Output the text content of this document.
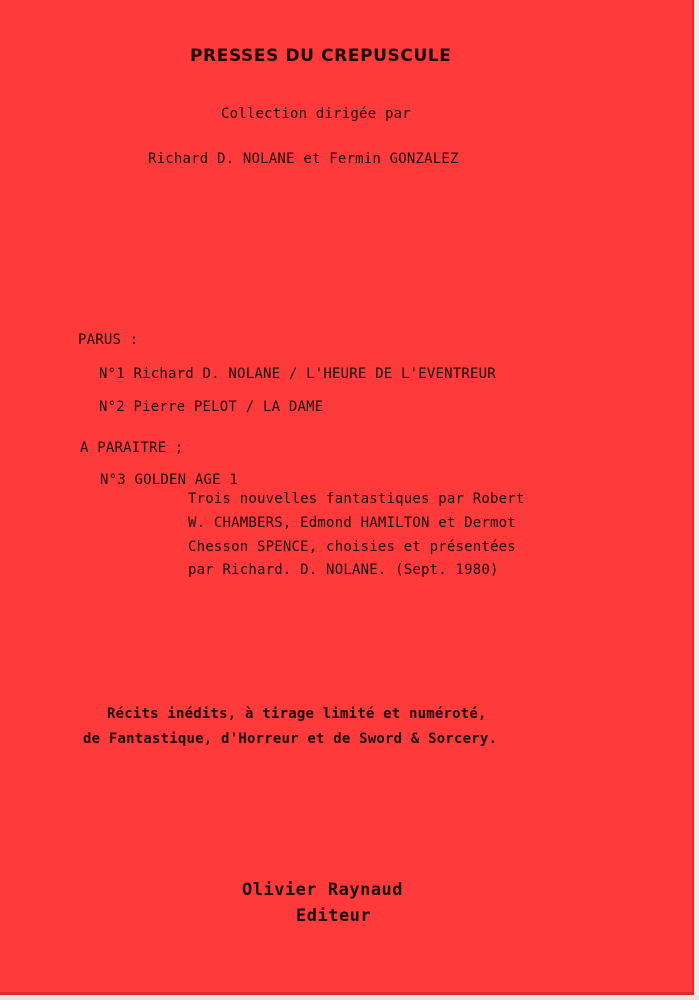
PRESSES DU CREPUSCULE
Collection dirigée par
Richard D. NOLANE et Fermin GONZALEZ
PARUS :
N°1 Richard D. NOLANE / L'HEURE DE L'EVENTREUR
N°2 Pierre PELOT / LA DAME
A PARAITRE ;
N°3 GOLDEN AGE 1
Trois nouvelles fantastiques par Robert
W. CHAMBERS, Edmond HAMILTON et Dermot
Chesson SPENCE, choisies et présentées
par Richard. D. NOLANE. (Sept. 1980)
Récits inédits, à tirage limité et numéroté,
de Fantastique, d'Horreur et de Sword & Sorcery.
Olivier Raynaud
Editeur
